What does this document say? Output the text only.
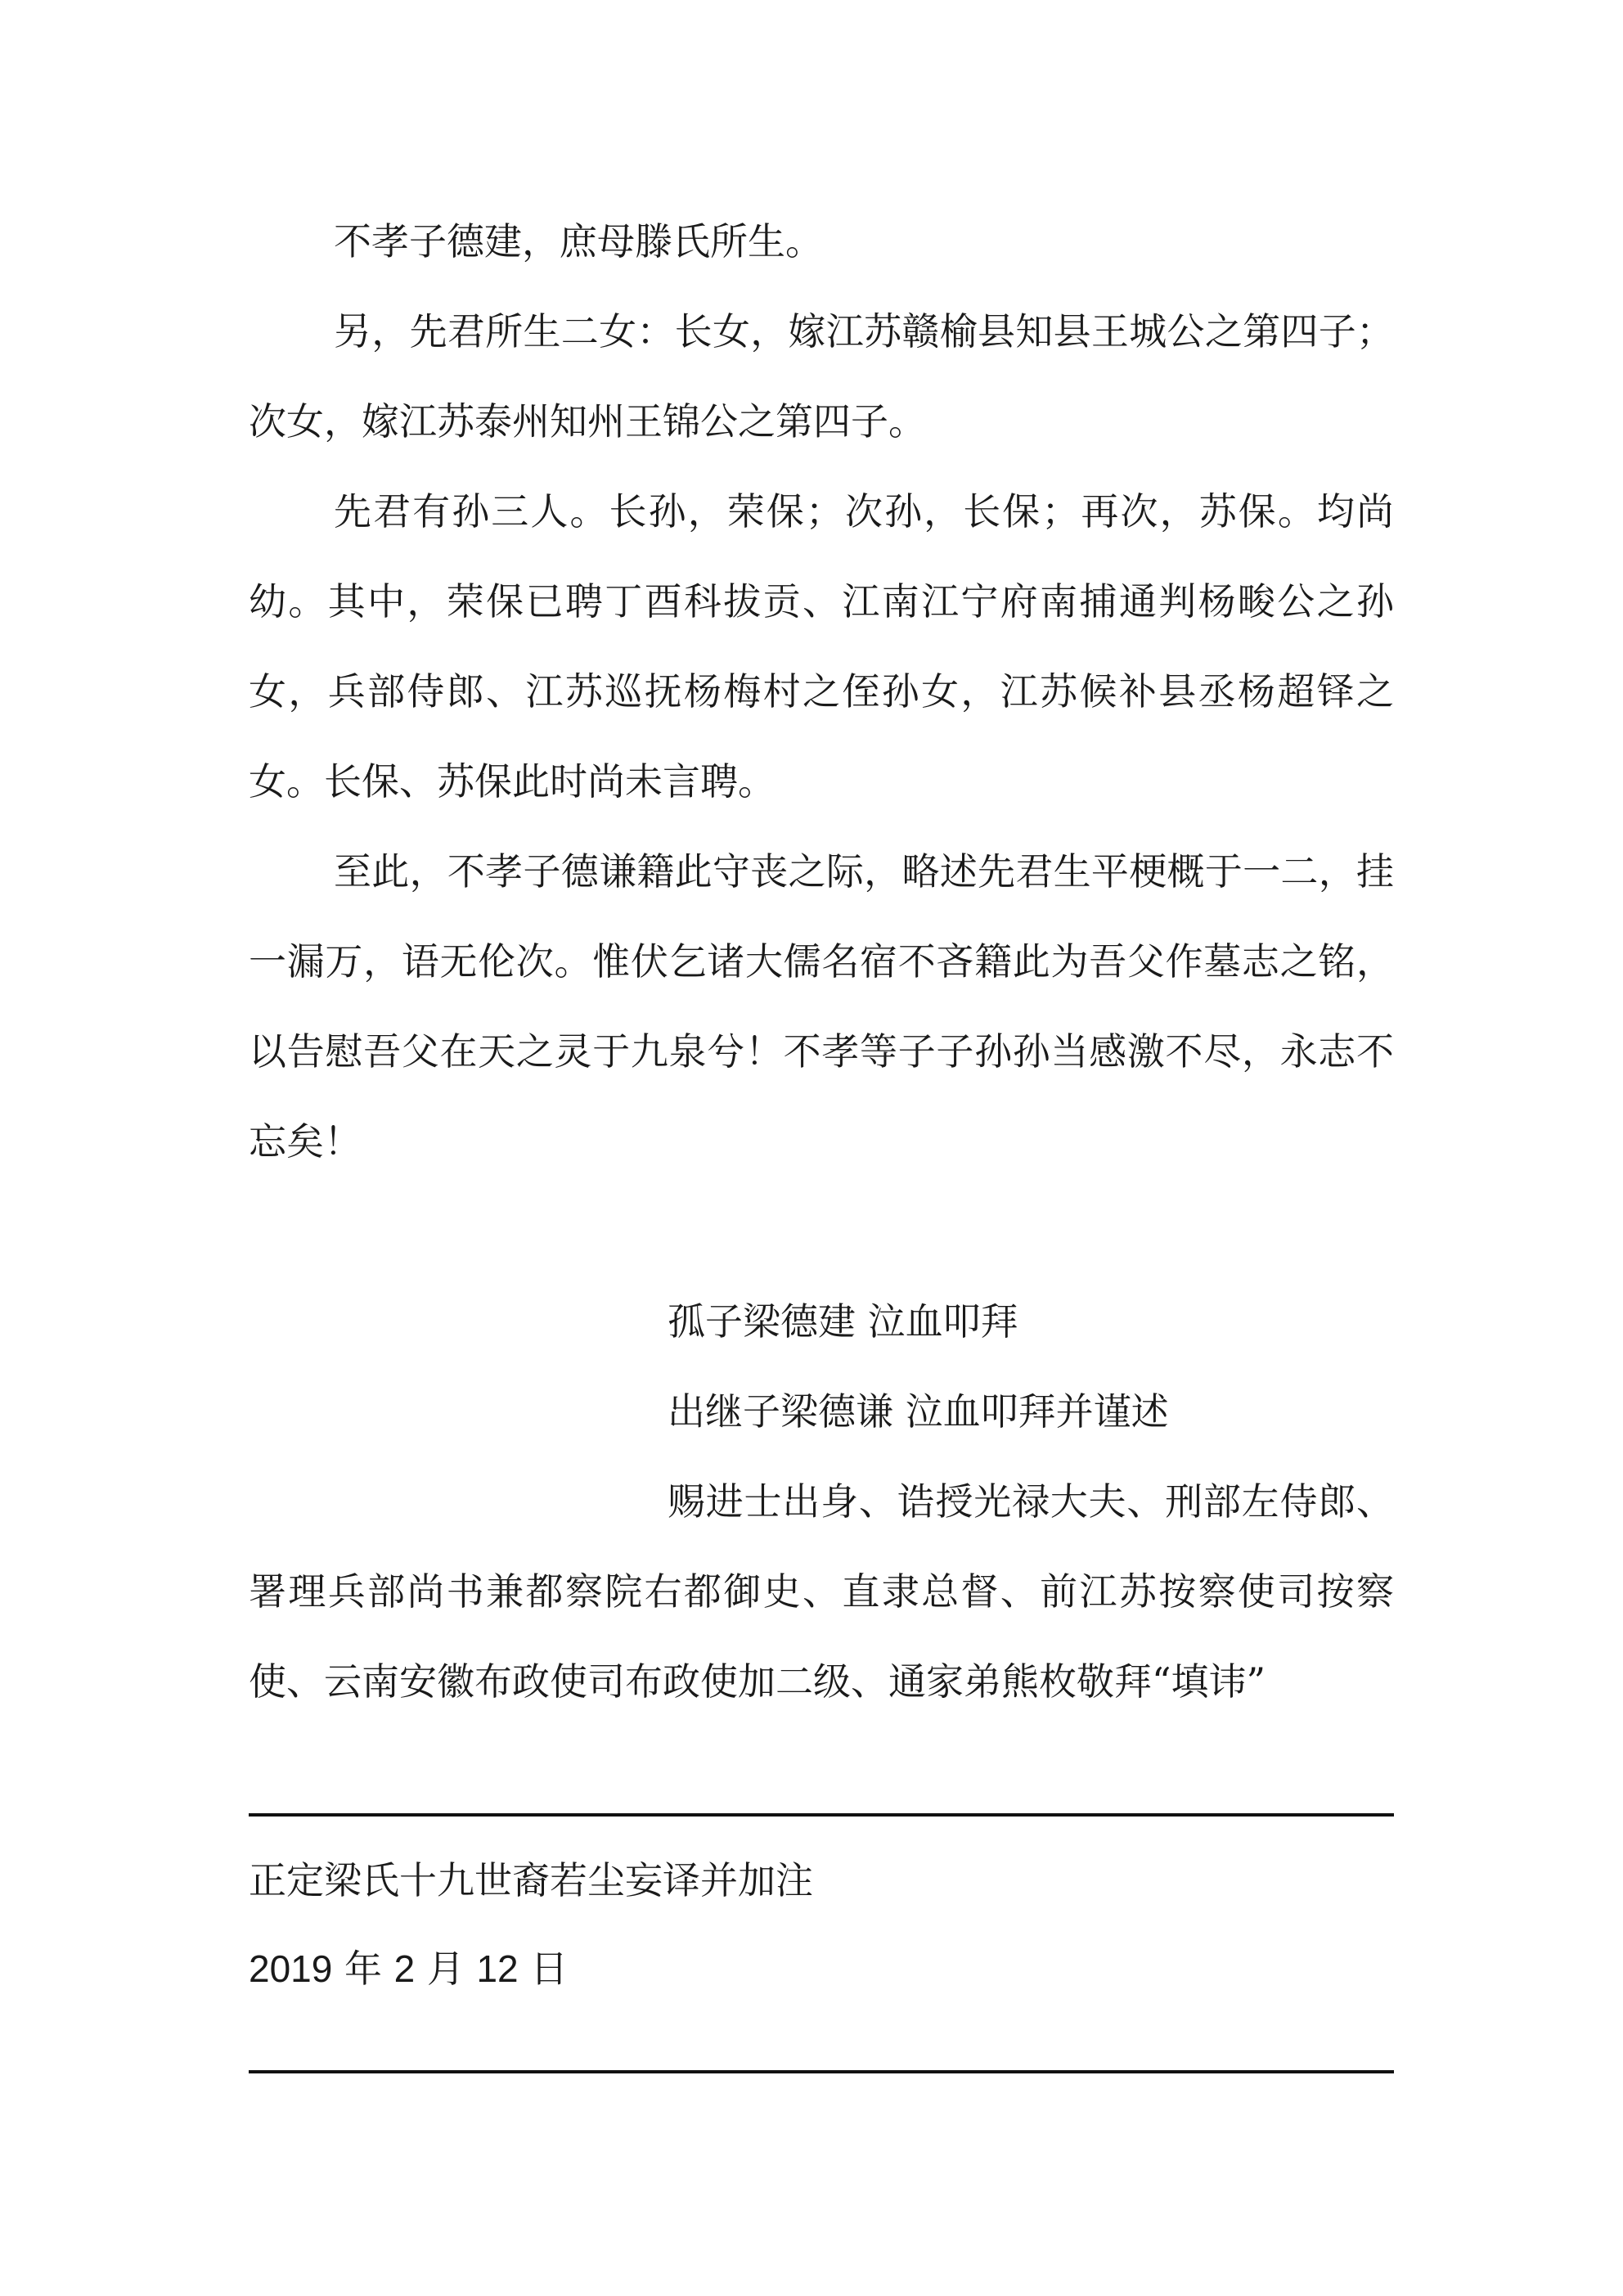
不孝子德建，庶母滕氏所生。

另，先君所生二女：长女，嫁江苏赣榆县知县王城公之第四子；次女，嫁江苏泰州知州王锦公之第四子。

先君有孙三人。长孙，荣保；次孙，长保；再次，苏保。均尚幼。其中，荣保已聘丁酉科拔贡、江南江宁府南捕通判杨畯公之孙女，兵部侍郎、江苏巡抚杨梅村之侄孙女，江苏候补县丞杨超铎之女。长保、苏保此时尚未言聘。

至此，不孝子德谦籍此守丧之际，略述先君生平梗概于一二，挂一漏万，语无伦次。惟伏乞诸大儒名宿不吝籍此为吾父作墓志之铭，以告慰吾父在天之灵于九泉兮！不孝等子子孙孙当感激不尽，永志不忘矣！

孤子梁德建 泣血叩拜

出继子梁德谦 泣血叩拜并谨述

赐进士出身、诰授光禄大夫、刑部左侍郎、署理兵部尚书兼都察院右都御史、直隶总督、前江苏按察使司按察使、云南安徽布政使司布政使加二级、通家弟熊枚敬拜“填讳”

正定梁氏十九世裔若尘妄译并加注
2019 年 2 月 12 日
